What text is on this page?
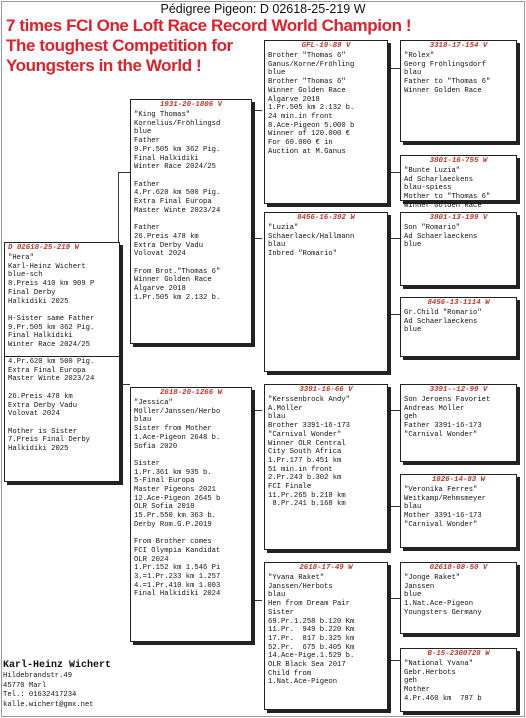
Pédigree Pigeon: D 02618-25-219 W
7 times FCI One Loft Race Record World Champion !
The toughest Competition for
Youngsters in the World !
D 02618-25-219 W
"Hera"
Karl-Heinz Wichert
blue-sch
8.Preis 410 km 909 P
Final Derby
Halkidiki 2025

H-Sister same Father
9.Pr.505 km 362 Pig.
Final Halkidiki
Winter Race 2024/25
4.Pr.620 km 500 Pig.
Extra Final Europa
Master Winte 2023/24

26.Preis 478 km
Extra Derby Vadu
Volovat 2024

Mother is Sister
7.Preis Final Derby
Halkidiki 2025
1931-20-1806 V
"King Thomas"
Kornelius/Fröhlingsd
blue
Father
9.Pr.505 km 362 Pig.
Final Halkidiki
Winter Race 2024/25

Father
4.Pr.620 km 500 Pig.
Extra Final Europa
Master Winte 2023/24

Father
26.Preis 478 km
Extra Derby Vadu
Volovat 2024

From Brot."Thomas 6"
Winner Golden Race
Algarve 2018
1.Pr.505 km 2.132 b.
2618-20-1266 W
"Jessica"
Möller/Janssen/Herbo
blau
Sister from Mother
1.Ace-Pigeon 2648 b.
Sofia 2020

Sister
1.Pr.361 km 935 b.
5-Final Europa
Master Pigeons 2021
12.Ace-Pigeon 2645 b
OLR Sofia 2018
15.Pr.550 km 363 b.
Derby Rom.G.P.2019

From Brother comes
FCI Olympia Kandidat
OLR 2024
1.Pr.152 km 1.546 Pi
3.=1.Pr.233 km 1.257
4.=1.Pr.410 km 1.003
Final Halkidiki 2024
GFL-19-88 V
Brother "Thomas 6"
Ganus/Korne/Fröhling
blue
Brother "Thomas 6"
Winner Golden Race
Algarve 2018
1.Pr.505 km 2.132 b.
24 min.in front
8.Ace-Pigeon 5.000 b
Winner of 120.000 €
For 60.000 € in
Auction at M.Ganus
8456-16-392 W
"Luzia"
Schaerlaeck/Hallmann
blau
Inbred "Romario"
3391-16-66 V
"Kerssenbrock Andy"
A.Möller
blau
Brother 3391-16-173
"Carnival Wonder"
Winner OLR Central
City South Africa
1.Pr.177 b.451 km
51 min.in front
2.Pr.243 b.302 km
FCI Finale
11.Pr.265 b.218 km
8.Pr.241 b.168 km
2618-17-49 W
"Yvana Raket"
Janssen/Herbots
blau
Hen from Dream Pair
Sister
69.Pr.1.258 b.120 Km
11.Pr.  949 b.220 Km
17.Pr.  817 b.325 km
52.Pr.  675 b.405 Km
14.Ace-Pige.1.529 b.
OLR Black Sea 2017
Child from
1.Nat.Ace-Pigeon
3318-17-154 V
"Rolex"
Georg Fröhlingsdorf
blau
Father to "Thomas 6"
Winner Golden Race
3801-16-755 W
"Bunte Luzia"
Ad Scharlaeckens
blau-spiess
Mother to "Thomas 6"
Winner Golden Race
3801-13-199 V
Son "Romario"
Ad Schaerlaeckens
blue
8456-13-1114 W
Gr.Child "Romario"
Ad Schaerlaeckens
blue
3391--12-99 V
Son Jeroens Favoriet
Andreas Möller
geh
Father 3391-16-173
"Carnival Wonder"
1026-14-83 W
"Veronika Ferres"
Weitkamp/Rehmsmeyer
blau
Mother 3391-16-173
"Carnival Wonder"
02618-08-50 V
"Jonge Raket"
Janssen
blue
1.Nat.Ace-Pigeon
Youngsters Germany
B-15-2300728 W
"National Yvana"
Gebr.Herbots
geh
Mother
4.Pr.460 km  787 b
Karl-Heinz Wichert
Hildebrandstr.49
45770 Marl
Tel.: 01632417234
kalle.wichert@gmx.net
